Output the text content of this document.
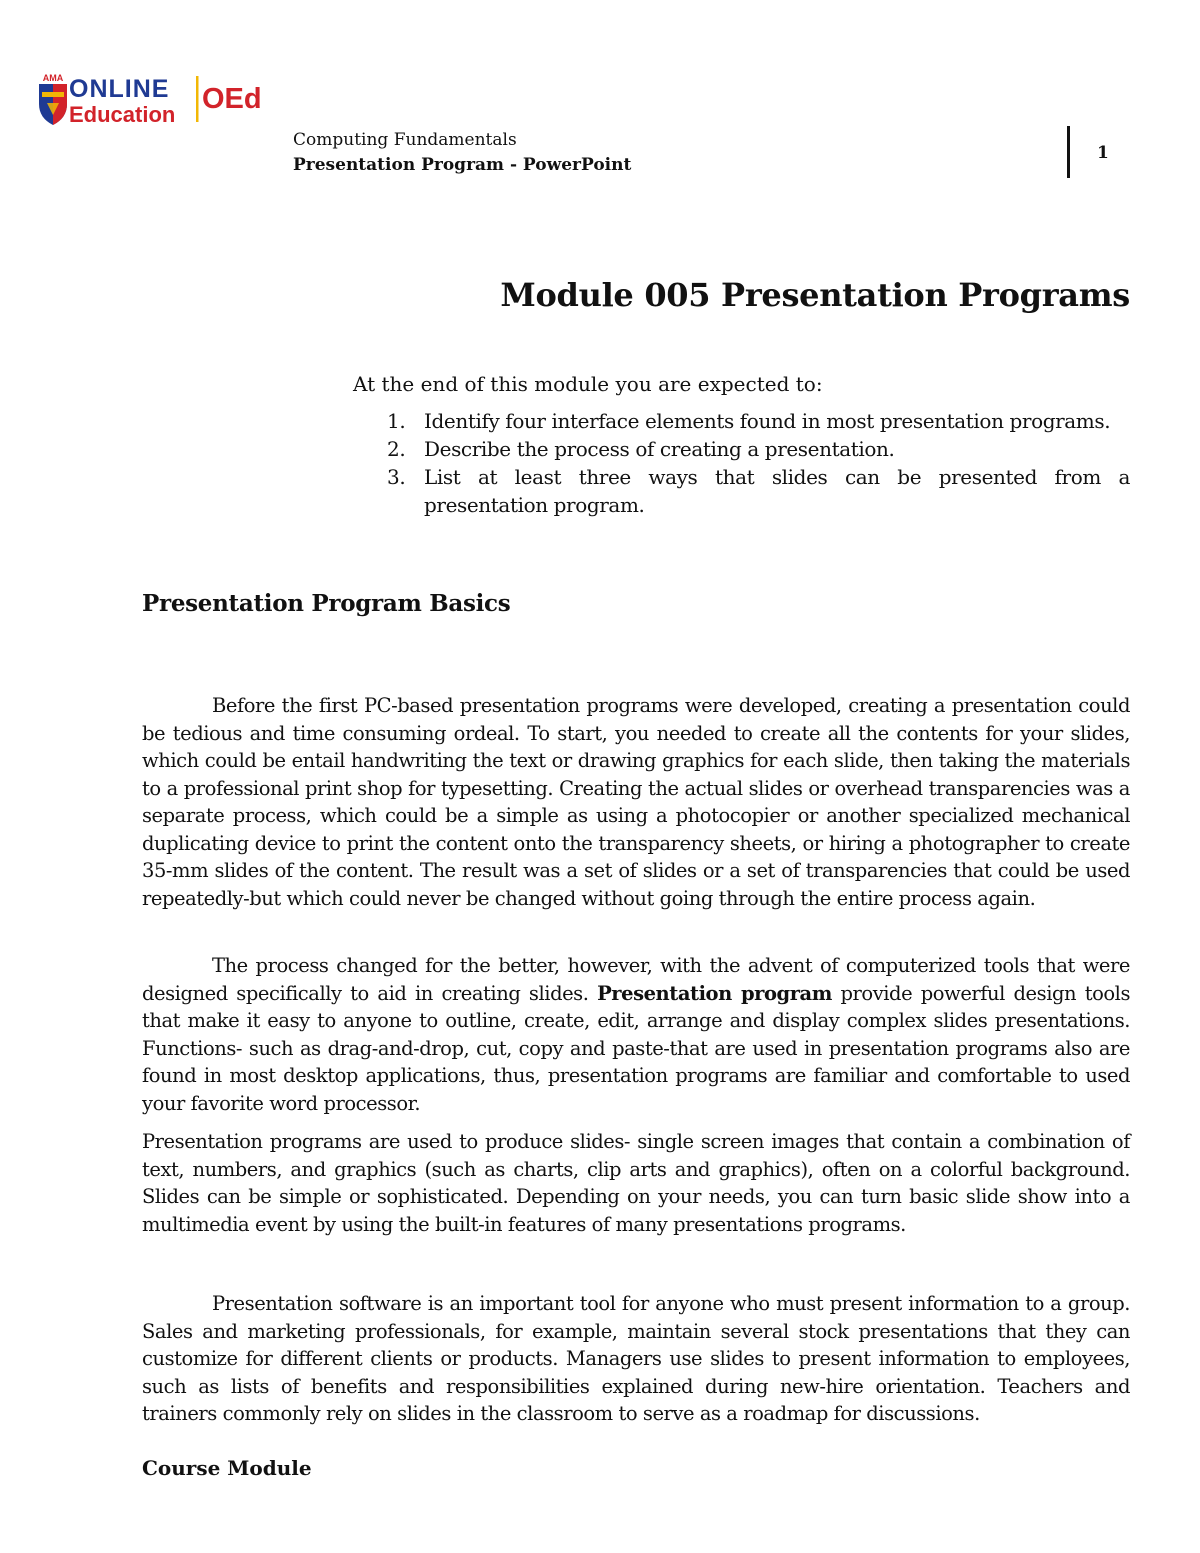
AMA ONLINE
Education OEd
Computing Fundamentals
Presentation Program - PowerPoint
1
Module 005 Presentation Programs
At the end of this module you are expected to:
1. Identify four interface elements found in most presentation programs.
2. Describe the process of creating a presentation.
3. List at least three ways that slides can be presented from a presentation program.
Presentation Program Basics

Before the first PC-based presentation programs were developed, creating a presentation could be tedious and time consuming ordeal. To start, you needed to create all the contents for your slides, which could be entail handwriting the text or drawing graphics for each slide, then taking the materials to a professional print shop for typesetting. Creating the actual slides or overhead transparencies was a separate process, which could be a simple as using a photocopier or another specialized mechanical duplicating device to print the content onto the transparency sheets, or hiring a photographer to create 35-mm slides of the content. The result was a set of slides or a set of transparencies that could be used repeatedly-but which could never be changed without going through the entire process again.

The process changed for the better, however, with the advent of computerized tools that were designed specifically to aid in creating slides. Presentation program provide powerful design tools that make it easy to anyone to outline, create, edit, arrange and display complex slides presentations. Functions- such as drag-and-drop, cut, copy and paste-that are used in presentation programs also are found in most desktop applications, thus, presentation programs are familiar and comfortable to used your favorite word processor.

Presentation programs are used to produce slides- single screen images that contain a combination of text, numbers, and graphics (such as charts, clip arts and graphics), often on a colorful background. Slides can be simple or sophisticated. Depending on your needs, you can turn basic slide show into a multimedia event by using the built-in features of many presentations programs.

Presentation software is an important tool for anyone who must present information to a group. Sales and marketing professionals, for example, maintain several stock presentations that they can customize for different clients or products. Managers use slides to present information to employees, such as lists of benefits and responsibilities explained during new-hire orientation. Teachers and trainers commonly rely on slides in the classroom to serve as a roadmap for discussions.

Course Module
